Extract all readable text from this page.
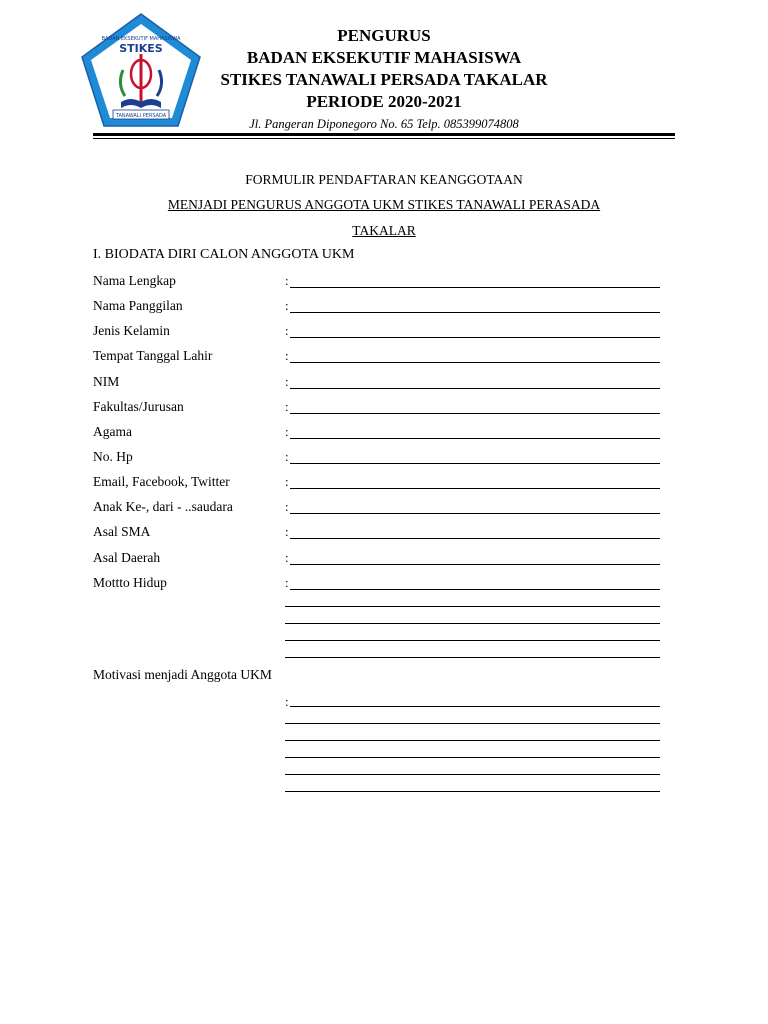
BADAN EKSEKUTIF MAHASISWA
STIKES
TANAWALI PERSADA
PENGURUS
BADAN EKSEKUTIF MAHASISWA
STIKES TANAWALI PERSADA TAKALAR
PERIODE 2020-2021
Jl. Pangeran Diponegoro No. 65 Telp. 085399074808
FORMULIR PENDAFTARAN KEANGGOTAAN
MENJADI PENGURUS ANGGOTA UKM STIKES TANAWALI PERASADA
TAKALAR
I. BIODATA DIRI CALON ANGGOTA UKM
Nama Lengkap	:
Nama Panggilan	:
Jenis Kelamin	:
Tempat Tanggal Lahir	:
NIM	:
Fakultas/Jurusan	:
Agama	:
No. Hp	:
Email, Facebook, Twitter	:
Anak Ke-, dari - ..saudara	:
Asal SMA	:
Asal Daerah	:
Mottto Hidup	:
Motivasi menjadi Anggota UKM
:
